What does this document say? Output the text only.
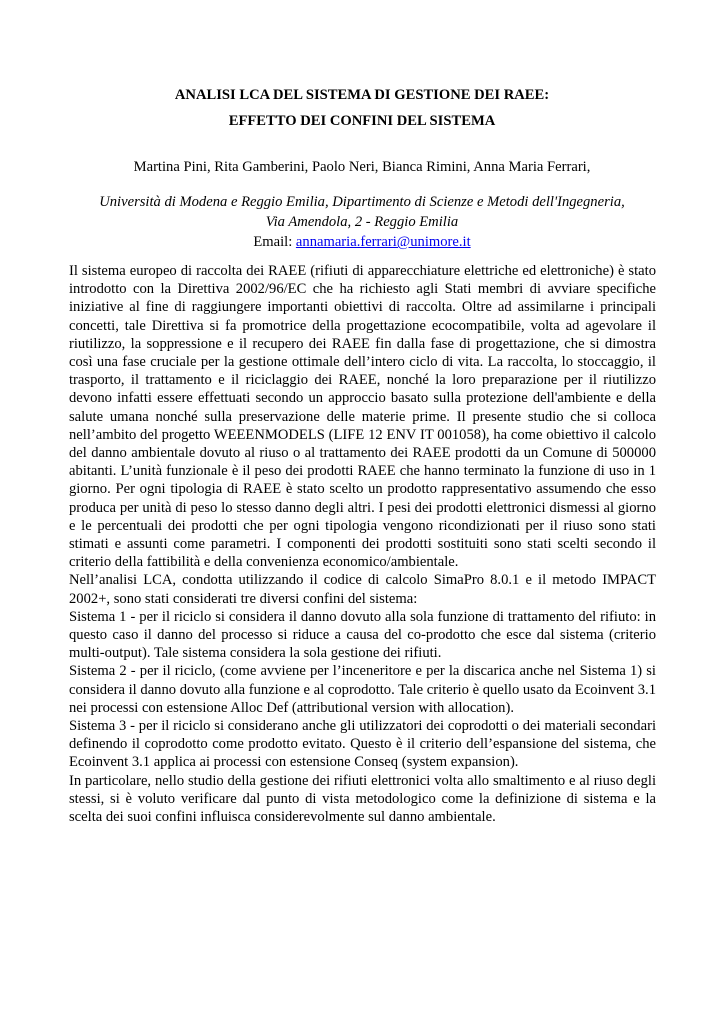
ANALISI LCA DEL SISTEMA DI GESTIONE DEI RAEE:
EFFETTO DEI CONFINI DEL SISTEMA

Martina Pini, Rita Gamberini, Paolo Neri, Bianca Rimini, Anna Maria Ferrari,

Università di Modena e Reggio Emilia, Dipartimento di Scienze e Metodi dell'Ingegneria,
Via Amendola, 2 - Reggio Emilia
Email: annamaria.ferrari@unimore.it

Il sistema europeo di raccolta dei RAEE (rifiuti di apparecchiature elettriche ed elettroniche) è stato introdotto con la Direttiva 2002/96/EC che ha richiesto agli Stati membri di avviare specifiche iniziative al fine di raggiungere importanti obiettivi di raccolta. Oltre ad assimilarne i principali concetti, tale Direttiva si fa promotrice della progettazione ecocompatibile, volta ad agevolare il riutilizzo, la soppressione e il recupero dei RAEE fin dalla fase di progettazione, che si dimostra così una fase cruciale per la gestione ottimale dell’intero ciclo di vita. La raccolta, lo stoccaggio, il trasporto, il trattamento e il riciclaggio dei RAEE, nonché la loro preparazione per il riutilizzo devono infatti essere effettuati secondo un approccio basato sulla protezione dell'ambiente e della salute umana nonché sulla preservazione delle materie prime. Il presente studio che si colloca nell’ambito del progetto WEEENMODELS (LIFE 12 ENV IT 001058), ha come obiettivo il calcolo del danno ambientale dovuto al riuso o al trattamento dei RAEE prodotti da un Comune di 500000 abitanti. L’unità funzionale è il peso dei prodotti RAEE che hanno terminato la funzione di uso in 1 giorno. Per ogni tipologia di RAEE è stato scelto un prodotto rappresentativo assumendo che esso produca per unità di peso lo stesso danno degli altri. I pesi dei prodotti elettronici dismessi al giorno e le percentuali dei prodotti che per ogni tipologia vengono ricondizionati per il riuso sono stati stimati e assunti come parametri. I componenti dei prodotti sostituiti sono stati scelti secondo il criterio della fattibilità e della convenienza economico/ambientale.

Nell’analisi LCA, condotta utilizzando il codice di calcolo SimaPro 8.0.1 e il metodo IMPACT 2002+, sono stati considerati tre diversi confini del sistema:

Sistema 1 - per il riciclo si considera il danno dovuto alla sola funzione di trattamento del rifiuto: in questo caso il danno del processo si riduce a causa del co-prodotto che esce dal sistema (criterio multi-output). Tale sistema considera la sola gestione dei rifiuti.

Sistema 2 - per il riciclo, (come avviene per l’inceneritore e per la discarica anche nel Sistema 1) si considera il danno dovuto alla funzione e al coprodotto. Tale criterio è quello usato da Ecoinvent 3.1 nei processi con estensione Alloc Def (attributional version with allocation).

Sistema 3 - per il riciclo si considerano anche gli utilizzatori dei coprodotti o dei materiali secondari definendo il coprodotto come prodotto evitato. Questo è il criterio dell’espansione del sistema, che Ecoinvent 3.1 applica ai processi con estensione Conseq (system expansion).

In particolare, nello studio della gestione dei rifiuti elettronici volta allo smaltimento e al riuso degli stessi, si è voluto verificare dal punto di vista metodologico come la definizione di sistema e la scelta dei suoi confini influisca considerevolmente sul danno ambientale.
